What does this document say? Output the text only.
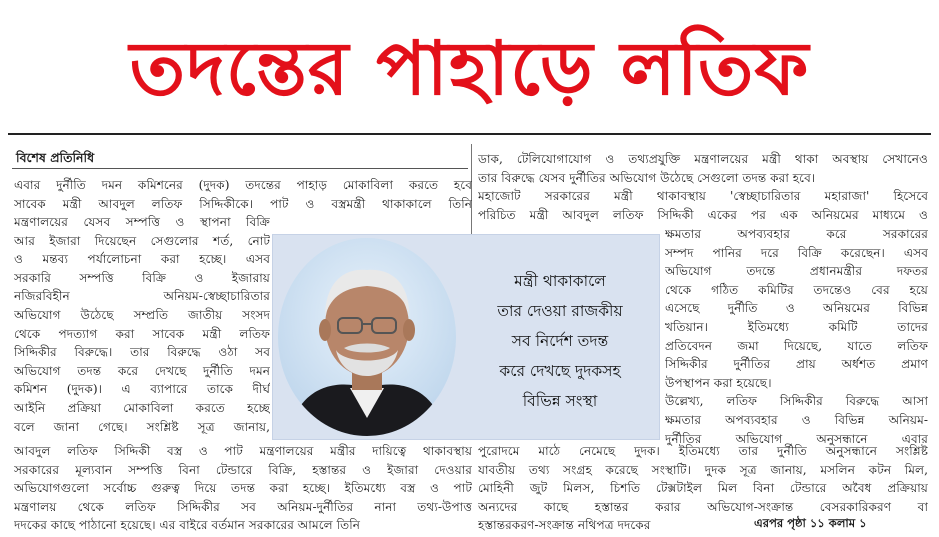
তদন্তের পাহাড়ে লতিফ
বিশেষ প্রতিনিধি
এবার দুর্নীতি দমন কমিশনের (দুদক) তদন্তের পাহাড় মোকাবিলা করতে হবে
সাবেক মন্ত্রী আবদুল লতিফ সিদ্দিকীকে। পাট ও বস্ত্রমন্ত্রী থাকাকালে তিনি
মন্ত্রণালয়ের যেসব সম্পত্তি ও স্থাপনা বিক্রি
আর ইজারা দিয়েছেন সেগুলোর শর্ত, নোট
ও মন্তব্য পর্যালোচনা করা হচ্ছে। এসব
সরকারি সম্পত্তি বিক্রি ও ইজারায়
নজিরবিহীন অনিয়ম-স্বেচ্ছাচারিতার
অভিযোগ উঠেছে সম্প্রতি জাতীয় সংসদ
থেকে পদত্যাগ করা সাবেক মন্ত্রী লতিফ
সিদ্দিকীর বিরুদ্ধে। তার বিরুদ্ধে ওঠা সব
অভিযোগ তদন্ত করে দেখছে দুর্নীতি দমন
কমিশন (দুদক)। এ ব্যাপারে তাকে দীর্ঘ
আইনি প্রক্রিয়া মোকাবিলা করতে হচ্ছে
বলে জানা গেছে। সংশ্লিষ্ট সূত্র জানায়,
আবদুল লতিফ সিদ্দিকী বস্ত্র ও পাট মন্ত্রণালয়ের মন্ত্রীর দায়িত্বে থাকাবস্থায়
সরকারের মূল্যবান সম্পত্তি বিনা টেন্ডারে বিক্রি, হস্তান্তর ও ইজারা দেওয়ার
অভিযোগগুলো সর্বোচ্চ গুরুত্ব দিয়ে তদন্ত করা হচ্ছে। ইতিমধ্যে বস্ত্র ও পাট
মন্ত্রণালয় থেকে লতিফ সিদ্দিকীর সব অনিয়ম-দুর্নীতির নানা তথ্য-উপাত্ত
দদকের কাছে পাঠানো হয়েছে। এর বাইরে বর্তমান সরকারের আমলে তিনি
ডাক, টেলিযোগাযোগ ও তথ্যপ্রযুক্তি মন্ত্রণালয়ের মন্ত্রী থাকা অবস্থায় সেখানেও
তার বিরুদ্ধে যেসব দুর্নীতির অভিযোগ উঠেছে সেগুলো তদন্ত করা হবে।
মহাজোট সরকারের মন্ত্রী থাকাবস্থায় 'স্বেচ্ছাচারিতার মহারাজা' হিসেবে
পরিচিত মন্ত্রী আবদুল লতিফ সিদ্দিকী একের পর এক অনিয়মের মাধ্যমে ও
ক্ষমতার অপব্যবহার করে সরকারের
সম্পদ পানির দরে বিক্রি করেছেন। এসব
অভিযোগ তদন্তে প্রধানমন্ত্রীর দফতর
থেকে গঠিত কমিটির তদন্তেও বের হয়ে
এসেছে দুর্নীতি ও অনিয়মের বিভিন্ন
খতিয়ান। ইতিমধ্যে কমিটি তাদের
প্রতিবেদন জমা দিয়েছে, যাতে লতিফ
সিদ্দিকীর দুর্নীতির প্রায় অর্ধশত প্রমাণ
উপস্থাপন করা হয়েছে।
উল্লেখ্য, লতিফ সিদ্দিকীর বিরুদ্ধে আসা
ক্ষমতার অপব্যবহার ও বিভিন্ন অনিয়ম-
দুর্নীতির অভিযোগ অনুসন্ধানে এবার
পুরোদমে মাঠে নেমেছে দুদক। ইতিমধ্যে তার দুর্নীতি অনুসন্ধানে সংশ্লিষ্ট
যাবতীয় তথ্য সংগ্রহ করেছে সংস্থাটি। দুদক সূত্র জানায়, মসলিন কটন মিল,
মোহিনী জুট মিলস, চিশতি টেক্সটাইল মিল বিনা টেন্ডারে অবৈধ প্রক্রিয়ায়
অন্যদের কাছে হস্তান্তর করার অভিযোগ-সংক্রান্ত বেসরকারিকরণ বা
হস্তান্তরকরণ-সংক্রান্ত নথিপত্র দদকের	এরপর পৃষ্ঠা ১১ কলাম ১
মন্ত্রী থাকাকালে
তার দেওয়া রাজকীয়
সব নির্দেশ তদন্ত
করে দেখছে দুদকসহ
বিভিন্ন সংস্থা
